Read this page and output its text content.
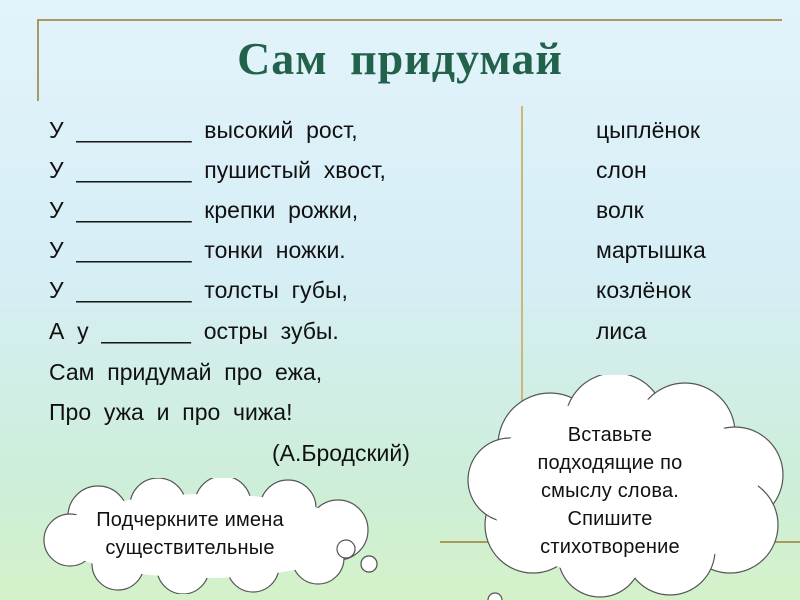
Сам придумай
У  _________  высокий  рост,
У  _________  пушистый  хвост,
У  _________  крепки  рожки,
У  _________  тонки  ножки.
У  _________  толсты  губы,
А  у  _______  остры  зубы.
Сам  придумай  про  ежа,
Про  ужа  и  про  чижа!
(А.Бродский)
цыплёнок
слон
волк
мартышка
козлёнок
лиса
Вставьте
подходящие по
смыслу слова.
Спишите
стихотворение
Подчеркните имена
существительные
